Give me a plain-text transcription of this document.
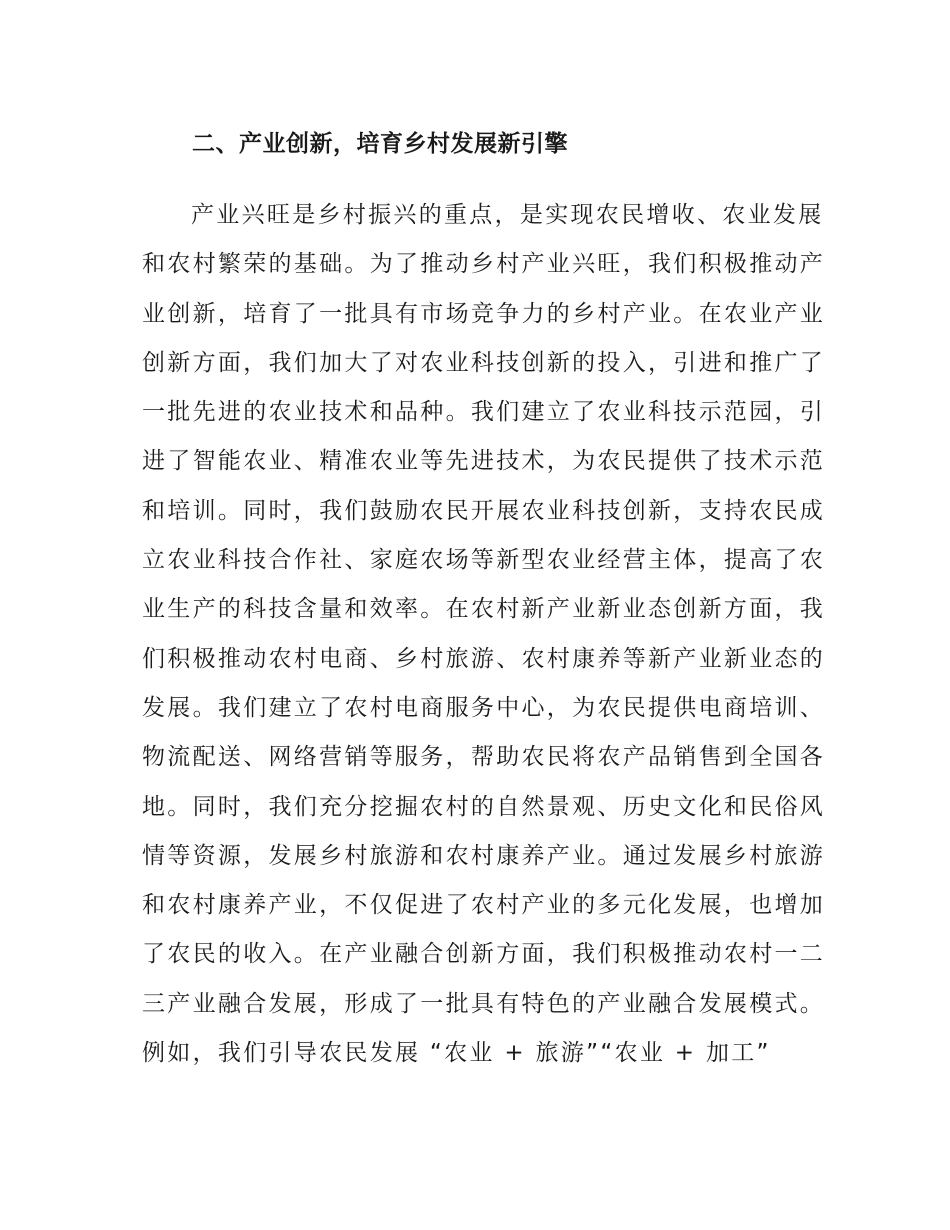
二、产业创新，培育乡村发展新引擎
产业兴旺是乡村振兴的重点，是实现农民增收、农业发展
和农村繁荣的基础。为了推动乡村产业兴旺，我们积极推动产
业创新，培育了一批具有市场竞争力的乡村产业。在农业产业
创新方面，我们加大了对农业科技创新的投入，引进和推广了
一批先进的农业技术和品种。我们建立了农业科技示范园，引
进了智能农业、精准农业等先进技术，为农民提供了技术示范
和培训。同时，我们鼓励农民开展农业科技创新，支持农民成
立农业科技合作社、家庭农场等新型农业经营主体，提高了农
业生产的科技含量和效率。在农村新产业新业态创新方面，我
们积极推动农村电商、乡村旅游、农村康养等新产业新业态的
发展。我们建立了农村电商服务中心，为农民提供电商培训、
物流配送、网络营销等服务，帮助农民将农产品销售到全国各
地。同时，我们充分挖掘农村的自然景观、历史文化和民俗风
情等资源，发展乡村旅游和农村康养产业。通过发展乡村旅游
和农村康养产业，不仅促进了农村产业的多元化发展，也增加
了农民的收入。在产业融合创新方面，我们积极推动农村一二
三产业融合发展，形成了一批具有特色的产业融合发展模式。
例如，我们引导农民发展 “农业 + 旅游”“农业 + 加工”
